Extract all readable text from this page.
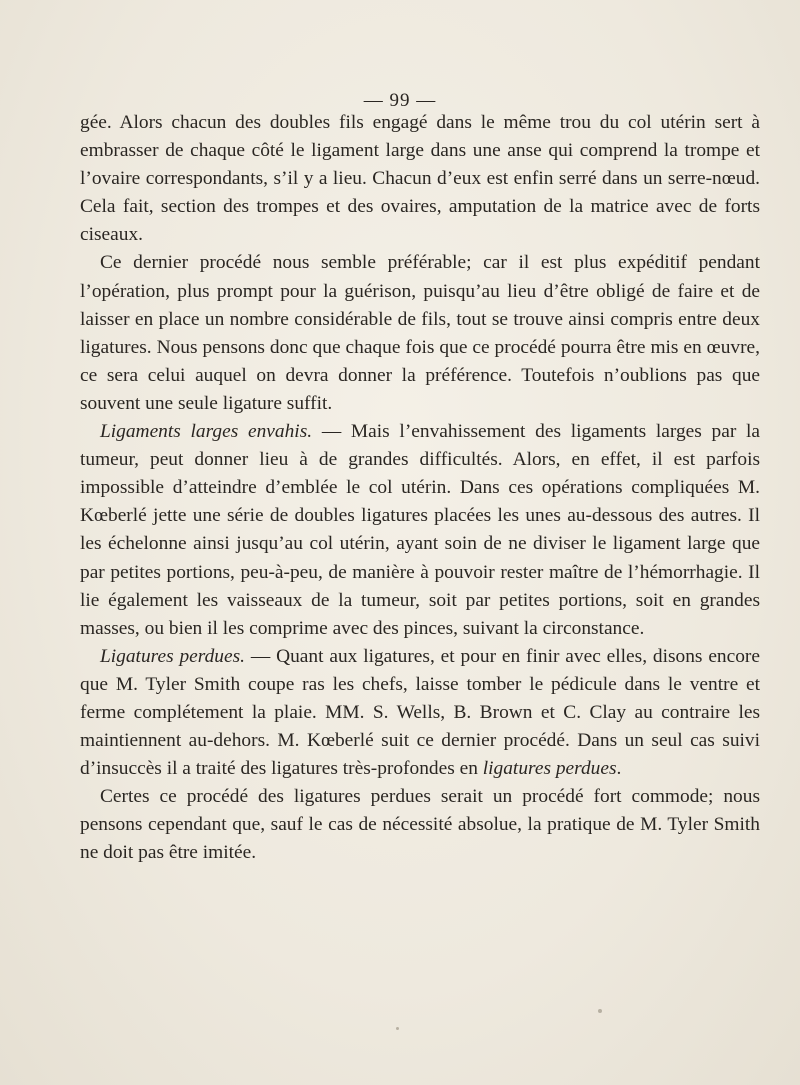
— 99 —

gée. Alors chacun des doubles fils engagé dans le même trou du col utérin sert à embrasser de chaque côté le ligament large dans une anse qui comprend la trompe et l’ovaire correspondants, s’il y a lieu. Chacun d’eux est enfin serré dans un serre-nœud. Cela fait, section des trompes et des ovaires, amputation de la matrice avec de forts ciseaux.

Ce dernier procédé nous semble préférable; car il est plus expéditif pendant l’opération, plus prompt pour la guérison, puisqu’au lieu d’être obligé de faire et de laisser en place un nombre considérable de fils, tout se trouve ainsi compris entre deux ligatures. Nous pensons donc que chaque fois que ce procédé pourra être mis en œuvre, ce sera celui auquel on devra donner la préférence. Toutefois n’oublions pas que souvent une seule ligature suffit.

Ligaments larges envahis. — Mais l’envahissement des ligaments larges par la tumeur, peut donner lieu à de grandes difficultés. Alors, en effet, il est parfois impossible d’atteindre d’emblée le col utérin. Dans ces opérations compliquées M. Kœberlé jette une série de doubles ligatures placées les unes au-dessous des autres. Il les échelonne ainsi jusqu’au col utérin, ayant soin de ne diviser le ligament large que par petites portions, peu-à-peu, de manière à pouvoir rester maître de l’hémorrhagie. Il lie également les vaisseaux de la tumeur, soit par petites portions, soit en grandes masses, ou bien il les comprime avec des pinces, suivant la circonstance.

Ligatures perdues. — Quant aux ligatures, et pour en finir avec elles, disons encore que M. Tyler Smith coupe ras les chefs, laisse tomber le pédicule dans le ventre et ferme complétement la plaie. MM. S. Wells, B. Brown et C. Clay au contraire les maintiennent au-dehors. M. Kœberlé suit ce dernier procédé. Dans un seul cas suivi d’insuccès il a traité des ligatures très-profondes en ligatures perdues.

Certes ce procédé des ligatures perdues serait un procédé fort commode; nous pensons cependant que, sauf le cas de nécessité absolue, la pratique de M. Tyler Smith ne doit pas être imitée.
